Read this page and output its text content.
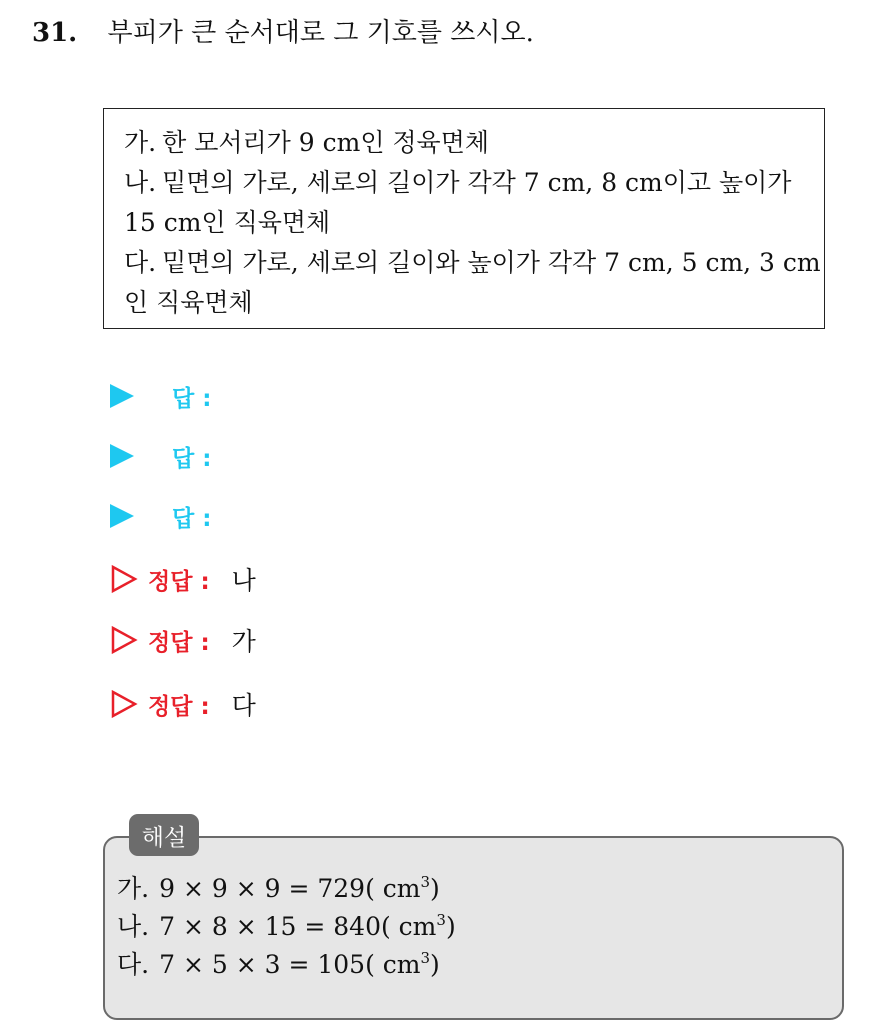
31. 부피가 큰 순서대로 그 기호를 쓰시오.

가. 한 모서리가 9 cm인 정육면체

나. 밑면의 가로, 세로의 길이가 각각 7 cm, 8 cm이고 높이가

15 cm인 직육면체

다. 밑면의 가로, 세로의 길이와 높이가 각각 7 cm, 5 cm, 3 cm

인 직육면체

답 :
답 :
답 :
정답 : 나
정답 : 가
정답 : 다
해설

가. 9 × 9 × 9 = 729( $cm^3$)

나. 7 × 8 × 15 = 840( $cm^3$)

다. 7 × 5 × 3 = 105( $cm^3$)
